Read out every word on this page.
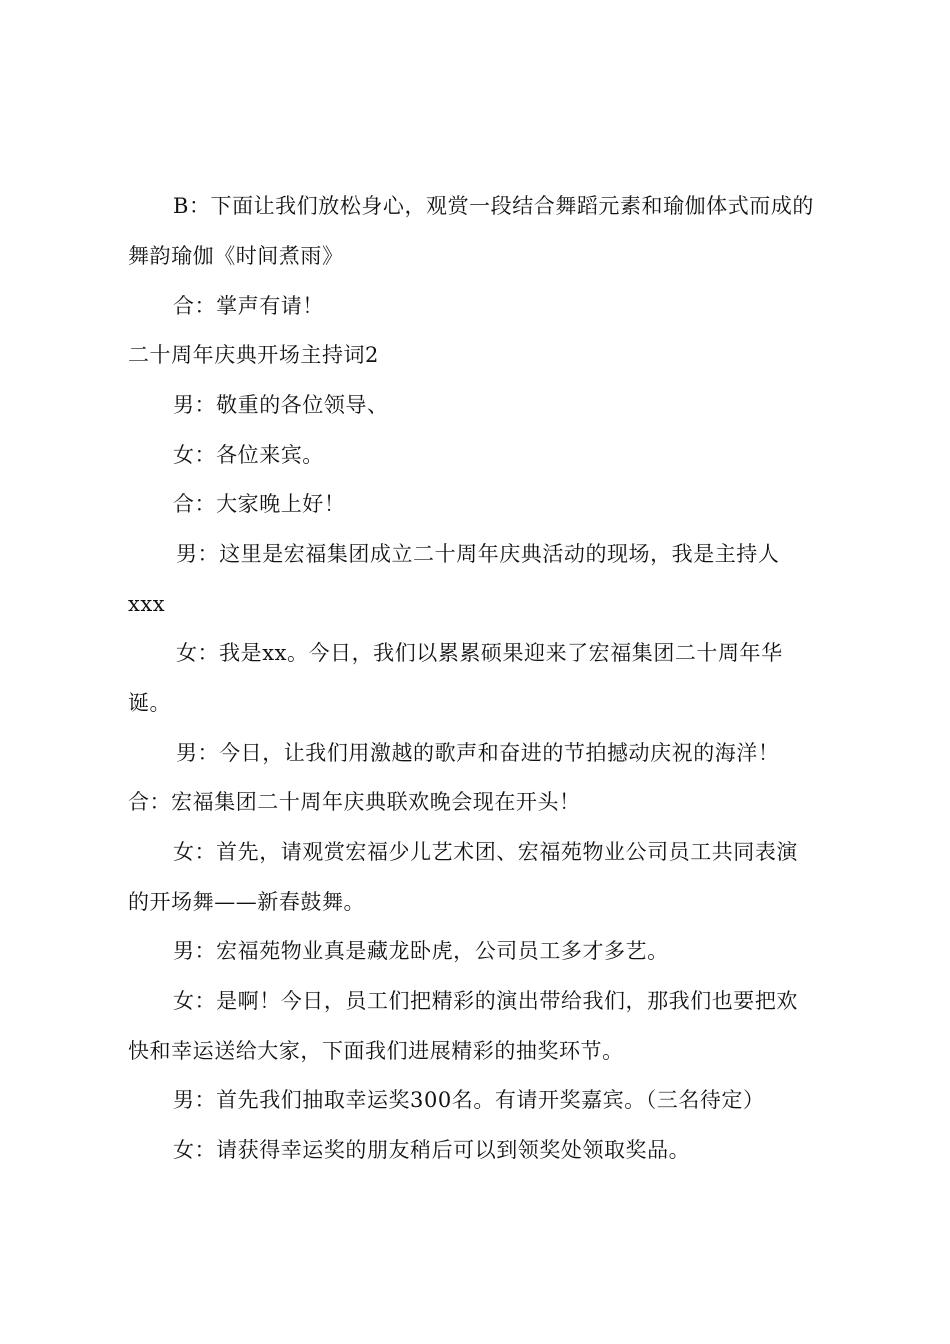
B：下面让我们放松身心，观赏一段结合舞蹈元素和瑜伽体式而成的

舞韵瑜伽《时间煮雨》

合：掌声有请！

二十周年庆典开场主持词2

男：敬重的各位领导、

女：各位来宾。

合：大家晚上好！

男：这里是宏福集团成立二十周年庆典活动的现场，我是主持人

xxx

女：我是xx。今日，我们以累累硕果迎来了宏福集团二十周年华

诞。

男：今日，让我们用激越的歌声和奋进的节拍撼动庆祝的海洋！

合：宏福集团二十周年庆典联欢晚会现在开头！

女：首先，请观赏宏福少儿艺术团、宏福苑物业公司员工共同表演

的开场舞——新春鼓舞。

男：宏福苑物业真是藏龙卧虎，公司员工多才多艺。

女：是啊！今日，员工们把精彩的演出带给我们，那我们也要把欢

快和幸运送给大家，下面我们进展精彩的抽奖环节。

男：首先我们抽取幸运奖300名。有请开奖嘉宾。（三名待定）

女：请获得幸运奖的朋友稍后可以到领奖处领取奖品。
